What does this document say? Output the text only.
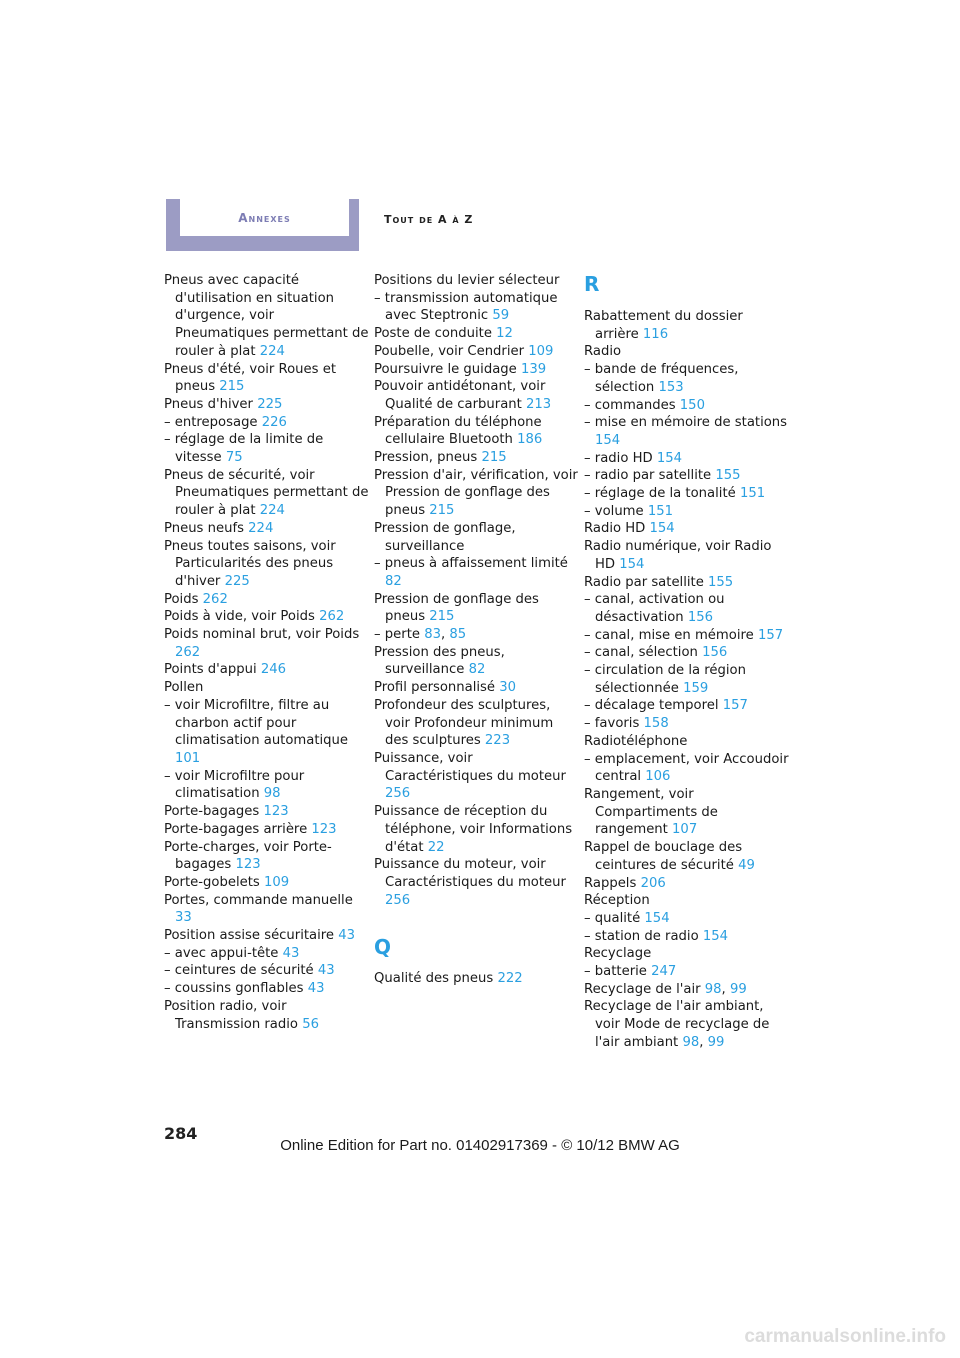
Annexes	Tout de A à Z

Pneus avec capacité d'utilisation en situation d'urgence, voir Pneumatiques permettant de rouler à plat 224

Pneus d'été, voir Roues et pneus 215

Pneus d'hiver 225

– entreposage 226

– réglage de la limite de vitesse 75

Pneus de sécurité, voir Pneumatiques permettant de rouler à plat 224

Pneus neufs 224

Pneus toutes saisons, voir Particularités des pneus d'hiver 225

Poids 262

Poids à vide, voir Poids 262

Poids nominal brut, voir Poids 262

Points d'appui 246

Pollen

– voir Microfiltre, filtre au charbon actif pour climatisation automatique 101

– voir Microfiltre pour climatisation 98

Porte-bagages 123

Porte-bagages arrière 123

Porte-charges, voir Porte-bagages 123

Porte-gobelets 109

Portes, commande manuelle 33

Position assise sécuritaire 43

– avec appui-tête 43

– ceintures de sécurité 43

– coussins gonflables 43

Position radio, voir Transmission radio 56

Positions du levier sélecteur

– transmission automatique avec Steptronic 59

Poste de conduite 12

Poubelle, voir Cendrier 109

Poursuivre le guidage 139

Pouvoir antidétonant, voir Qualité de carburant 213

Préparation du téléphone cellulaire Bluetooth 186

Pression, pneus 215

Pression d'air, vérification, voir Pression de gonflage des pneus 215

Pression de gonflage, surveillance

– pneus à affaissement limité 82

Pression de gonflage des pneus 215

– perte 83, 85

Pression des pneus, surveillance 82

Profil personnalisé 30

Profondeur des sculptures, voir Profondeur minimum des sculptures 223

Puissance, voir Caractéristiques du moteur 256

Puissance de réception du téléphone, voir Informations d'état 22

Puissance du moteur, voir Caractéristiques du moteur 256

Q

Qualité des pneus 222

R

Rabattement du dossier arrière 116

Radio

– bande de fréquences, sélection 153

– commandes 150

– mise en mémoire de stations 154

– radio HD 154

– radio par satellite 155

– réglage de la tonalité 151

– volume 151

Radio HD 154

Radio numérique, voir Radio HD 154

Radio par satellite 155

– canal, activation ou désactivation 156

– canal, mise en mémoire 157

– canal, sélection 156

– circulation de la région sélectionnée 159

– décalage temporel 157

– favoris 158

Radiotéléphone

– emplacement, voir Accoudoir central 106

Rangement, voir Compartiments de rangement 107

Rappel de bouclage des ceintures de sécurité 49

Rappels 206

Réception

– qualité 154

– station de radio 154

Recyclage

– batterie 247

Recyclage de l'air 98, 99

Recyclage de l'air ambiant, voir Mode de recyclage de l'air ambiant 98, 99

284
Online Edition for Part no. 01402917369 - © 10/12 BMW AG
carmanualsonline.info
